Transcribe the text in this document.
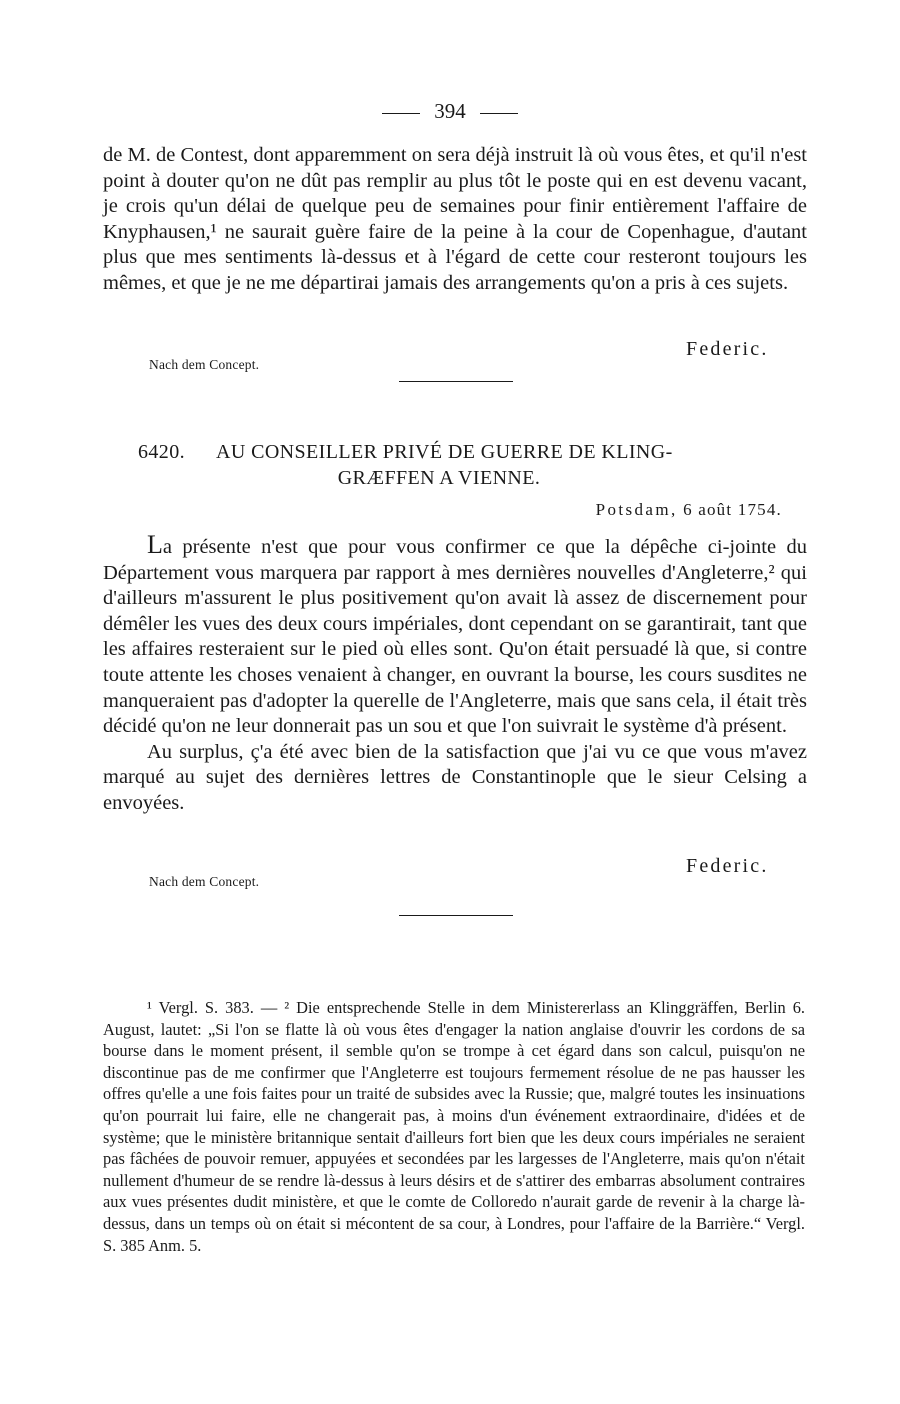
394

de M. de Contest, dont apparemment on sera déjà instruit là où vous êtes, et qu'il n'est point à douter qu'on ne dût pas remplir au plus tôt le poste qui en est devenu vacant, je crois qu'un délai de quelque peu de semaines pour finir entièrement l'affaire de Knyphausen,¹ ne saurait guère faire de la peine à la cour de Copenhague, d'autant plus que mes sentiments là-dessus et à l'égard de cette cour resteront toujours les mêmes, et que je ne me départirai jamais des arrangements qu'on a pris à ces sujets.

Federic.
Nach dem Concept.
6420. AU CONSEILLER PRIVÉ DE GUERRE DE KLING-
GRÆFFEN A VIENNE.
Potsdam, 6 août 1754.

La présente n'est que pour vous confirmer ce que la dépêche ci-jointe du Département vous marquera par rapport à mes dernières nouvelles d'Angleterre,² qui d'ailleurs m'assurent le plus positivement qu'on avait là assez de discernement pour démêler les vues des deux cours impériales, dont cependant on se garantirait, tant que les affaires resteraient sur le pied où elles sont. Qu'on était persuadé là que, si contre toute attente les choses venaient à changer, en ouvrant la bourse, les cours susdites ne manqueraient pas d'adopter la querelle de l'Angleterre, mais que sans cela, il était très décidé qu'on ne leur donnerait pas un sou et que l'on suivrait le système d'à présent.

Au surplus, ç'a été avec bien de la satisfaction que j'ai vu ce que vous m'avez marqué au sujet des dernières lettres de Constantinople que le sieur Celsing a envoyées.

Federic.
Nach dem Concept.

¹ Vergl. S. 383. — ² Die entsprechende Stelle in dem Ministererlass an Klinggräffen, Berlin 6. August, lautet: „Si l'on se flatte là où vous êtes d'engager la nation anglaise d'ouvrir les cordons de sa bourse dans le moment présent, il semble qu'on se trompe à cet égard dans son calcul, puisqu'on ne discontinue pas de me confirmer que l'Angleterre est toujours fermement résolue de ne pas hausser les offres qu'elle a une fois faites pour un traité de subsides avec la Russie; que, malgré toutes les insinuations qu'on pourrait lui faire, elle ne changerait pas, à moins d'un événement extraordinaire, d'idées et de système; que le ministère britannique sentait d'ailleurs fort bien que les deux cours impériales ne seraient pas fâchées de pouvoir remuer, appuyées et secondées par les largesses de l'Angleterre, mais qu'on n'était nullement d'humeur de se rendre là-dessus à leurs désirs et de s'attirer des embarras absolument contraires aux vues présentes dudit ministère, et que le comte de Colloredo n'aurait garde de revenir à la charge là-dessus, dans un temps où on était si mécontent de sa cour, à Londres, pour l'affaire de la Barrière.“ Vergl. S. 385 Anm. 5.
